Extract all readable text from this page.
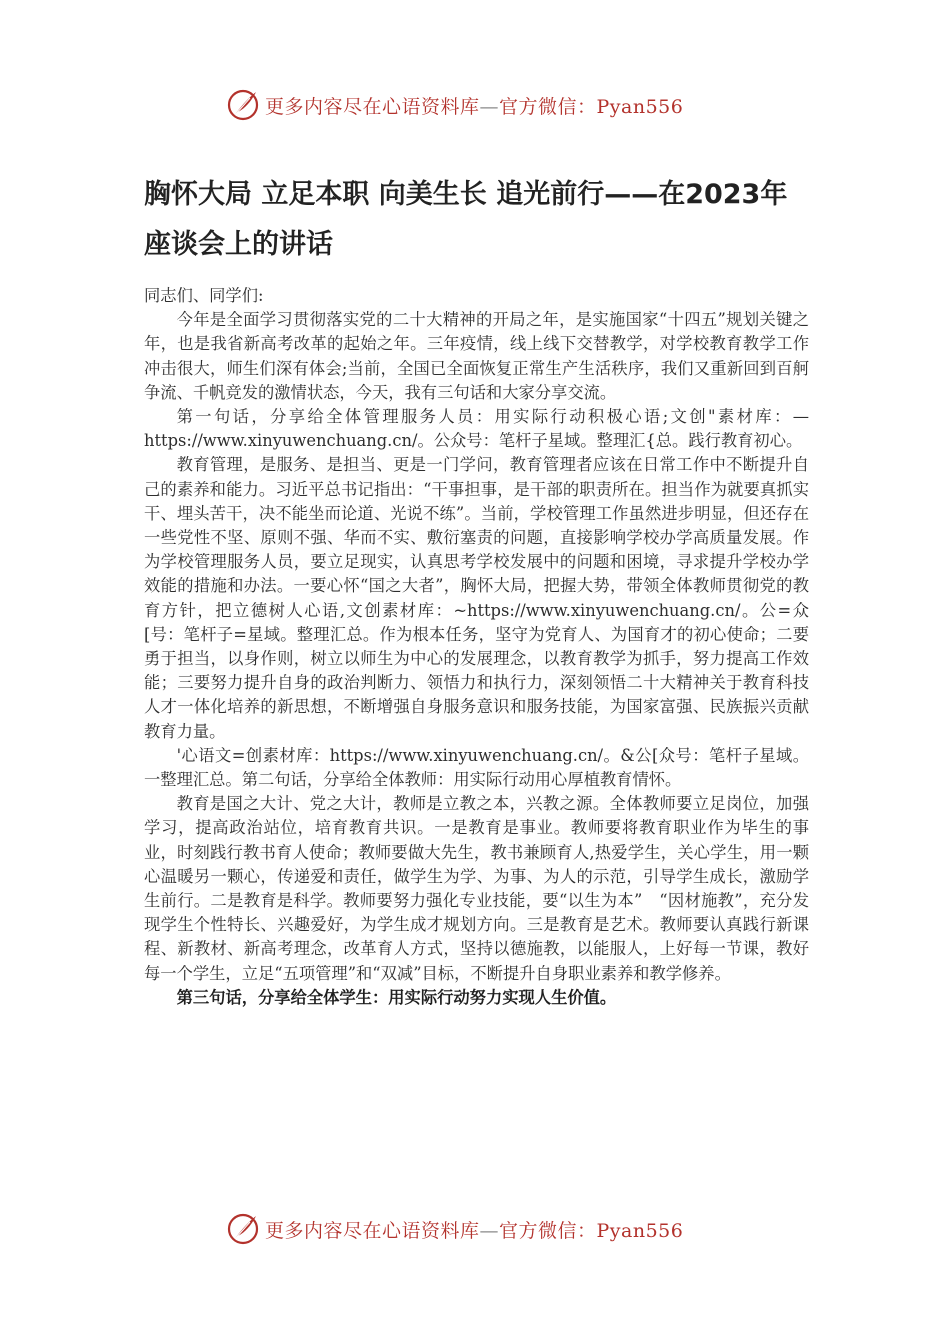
更多内容尽在心语资料库—官方微信：Pyan556
胸怀大局 立足本职 向美生长 追光前行——在2023年座谈会上的讲话

同志们、同学们:

今年是全面学习贯彻落实党的二十大精神的开局之年，是实施国家“十四五”规划关键之年，也是我省新高考改革的起始之年。三年疫情，线上线下交替教学，对学校教育教学工作冲击很大，师生们深有体会;当前，全国已全面恢复正常生产生活秩序，我们又重新回到百舸争流、千帆竞发的激情状态，今天，我有三句话和大家分享交流。

第一句话，分享给全体管理服务人员：用实际行动积极心语;文创"素材库：—https://www.xinyuwenchuang.cn/。公众号：笔杆子星域。整理汇{总。践行教育初心。

教育管理，是服务、是担当、更是一门学问，教育管理者应该在日常工作中不断提升自己的素养和能力。习近平总书记指出：“干事担事，是干部的职责所在。担当作为就要真抓实干、埋头苦干，决不能坐而论道、光说不练”。当前，学校管理工作虽然进步明显，但还存在一些党性不坚、原则不强、华而不实、敷衍塞责的问题，直接影响学校办学高质量发展。作为学校管理服务人员，要立足现实，认真思考学校发展中的问题和困境，寻求提升学校办学效能的措施和办法。一要心怀“国之大者”，胸怀大局，把握大势，带领全体教师贯彻党的教育方针，把立德树人心语,文创素材库：~https://www.xinyuwenchuang.cn/。公=众[号：笔杆子=星域。整理汇总。作为根本任务，坚守为党育人、为国育才的初心使命；二要勇于担当，以身作则，树立以师生为中心的发展理念，以教育教学为抓手，努力提高工作效能；三要努力提升自身的政治判断力、领悟力和执行力，深刻领悟二十大精神关于教育科技人才一体化培养的新思想，不断增强自身服务意识和服务技能，为国家富强、民族振兴贡献教育力量。

'心语文=创素材库：https://www.xinyuwenchuang.cn/。&公[众号：笔杆子星域。一整理汇总。第二句话，分享给全体教师：用实际行动用心厚植教育情怀。

教育是国之大计、党之大计，教师是立教之本，兴教之源。全体教师要立足岗位，加强学习，提高政治站位，培育教育共识。一是教育是事业。教师要将教育职业作为毕生的事业，时刻践行教书育人使命；教师要做大先生，教书兼顾育人,热爱学生，关心学生，用一颗心温暖另一颗心，传递爱和责任，做学生为学、为事、为人的示范，引导学生成长，激励学生前行。二是教育是科学。教师要努力强化专业技能，要“以生为本”　“因材施教”，充分发现学生个性特长、兴趣爱好，为学生成才规划方向。三是教育是艺术。教师要认真践行新课程、新教材、新高考理念，改革育人方式，坚持以德施教，以能服人，上好每一节课，教好每一个学生，立足“五项管理”和“双减”目标，不断提升自身职业素养和教学修养。

第三句话，分享给全体学生：用实际行动努力实现人生价值。

更多内容尽在心语资料库—官方微信：Pyan556
